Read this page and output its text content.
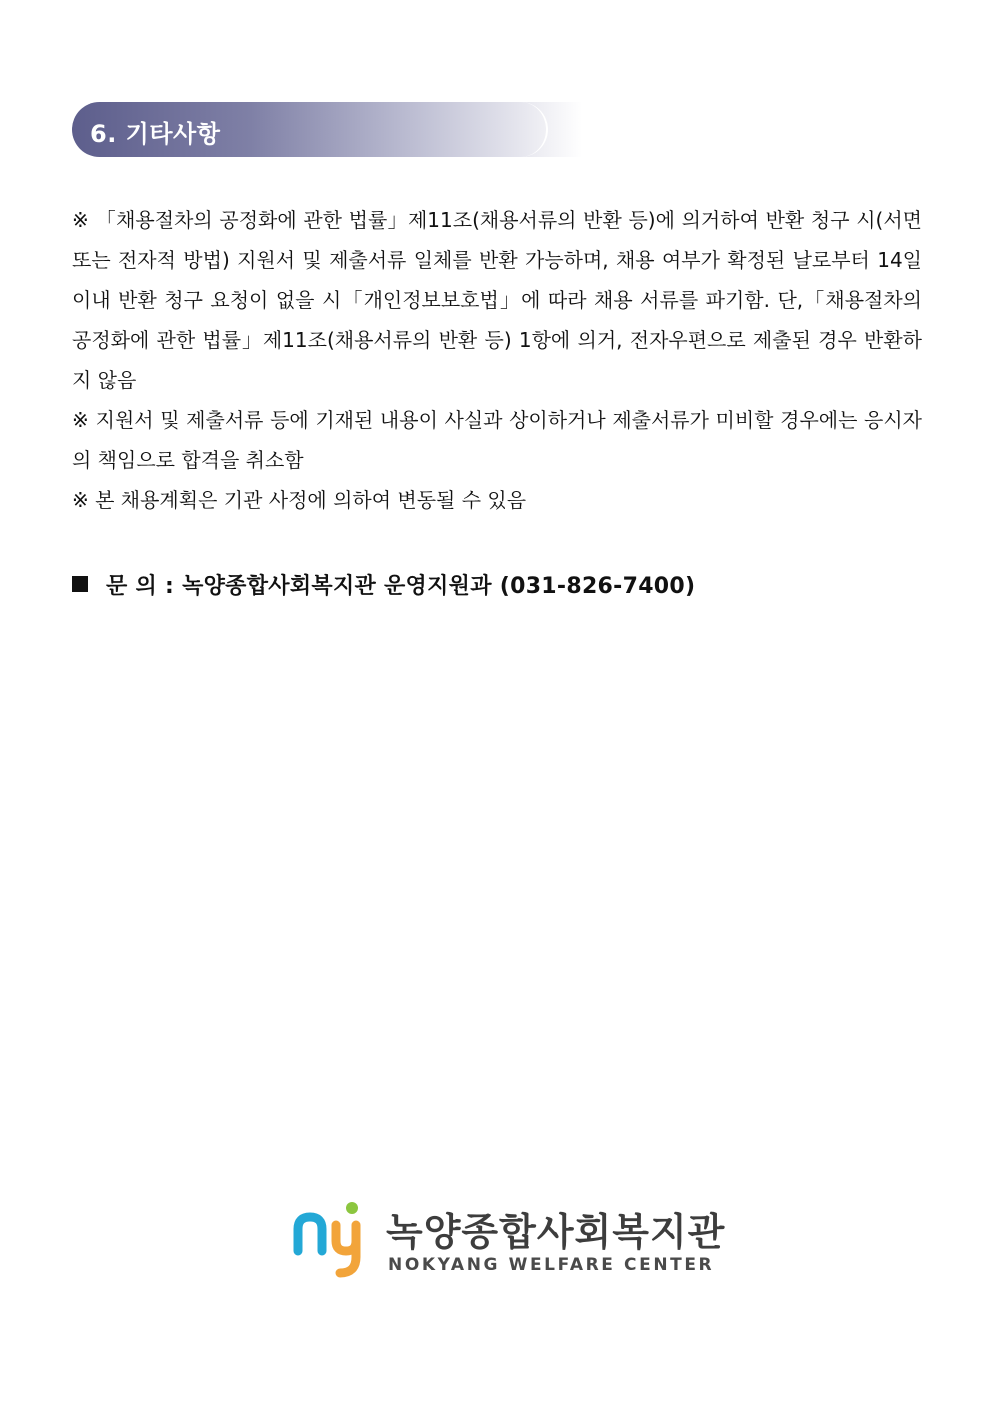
6. 기타사항

※ 「채용절차의 공정화에 관한 법률」제11조(채용서류의 반환 등)에 의거하여 반환 청구 시(서면 또는 전자적 방법) 지원서 및 제출서류 일체를 반환 가능하며, 채용 여부가 확정된 날로부터 14일 이내 반환 청구 요청이 없을 시「개인정보보호법」에 따라 채용 서류를 파기함. 단,「채용절차의 공정화에 관한 법률」제11조(채용서류의 반환 등) 1항에 의거, 전자우편으로 제출된 경우 반환하지 않음

※ 지원서 및 제출서류 등에 기재된 내용이 사실과 상이하거나 제출서류가 미비할 경우에는 응시자의 책임으로 합격을 취소함

※ 본 채용계획은 기관 사정에 의하여 변동될 수 있음

문 의 : 녹양종합사회복지관 운영지원과 (031-826-7400)
녹양종합사회복지관
NOKYANG WELFARE CENTER
